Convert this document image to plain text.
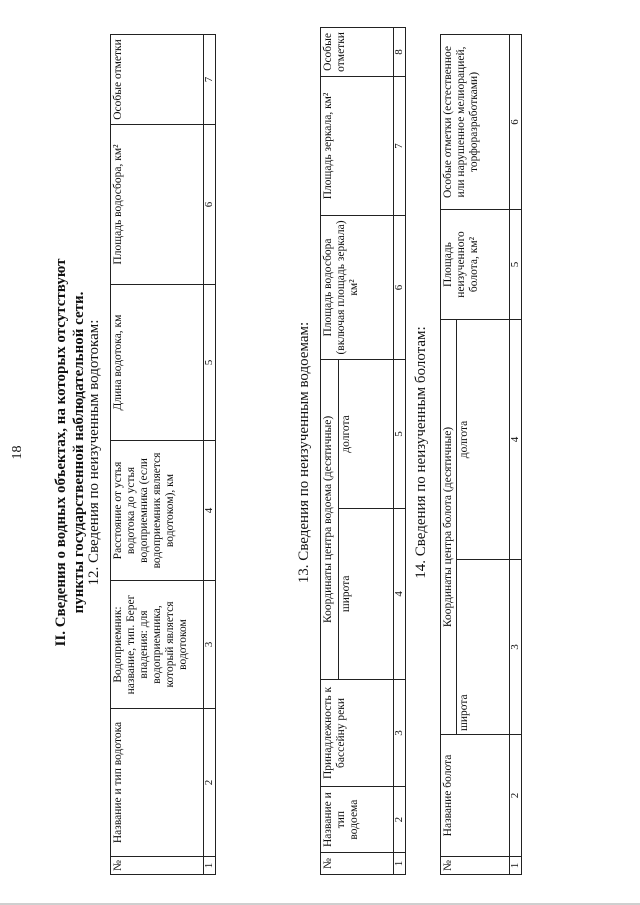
18 II. Сведения о водных объектах, на которых отсутствуют пункты государственной наблюдательной сети. 12. Сведения по неизученным водотокам:
№	Название и тип водотока	Водоприемник: название, тип. Берег впадения: для водоприемника, который является водотоком	Расстояние от устья водотока до устья водоприемника (если водоприемник является водотоком), км	Длина водотока, км	Площадь водосбора, км²	Особые отметки
1	2	3	4	5	6	7
13. Сведения по неизученным водоемам:
№	Название и тип водоема	Принадлежность к бассейну реки	Координаты центра водоема (десятичные)		Площадь водосбора (включая площадь зеркала) км²	Площадь зеркала, км²	Особые отметки
			широта	долгота			
1	2	3	4	5	6	7	8
14. Сведения по неизученным болотам:
№	Название болота	Координаты центра болота (десятичные)		Площадь неизученного болота, км²	Особые отметки (естественное или нарушенное мелиорацией, торфоразработками)
		широта	долгота		
1	2	3	4	5	6
